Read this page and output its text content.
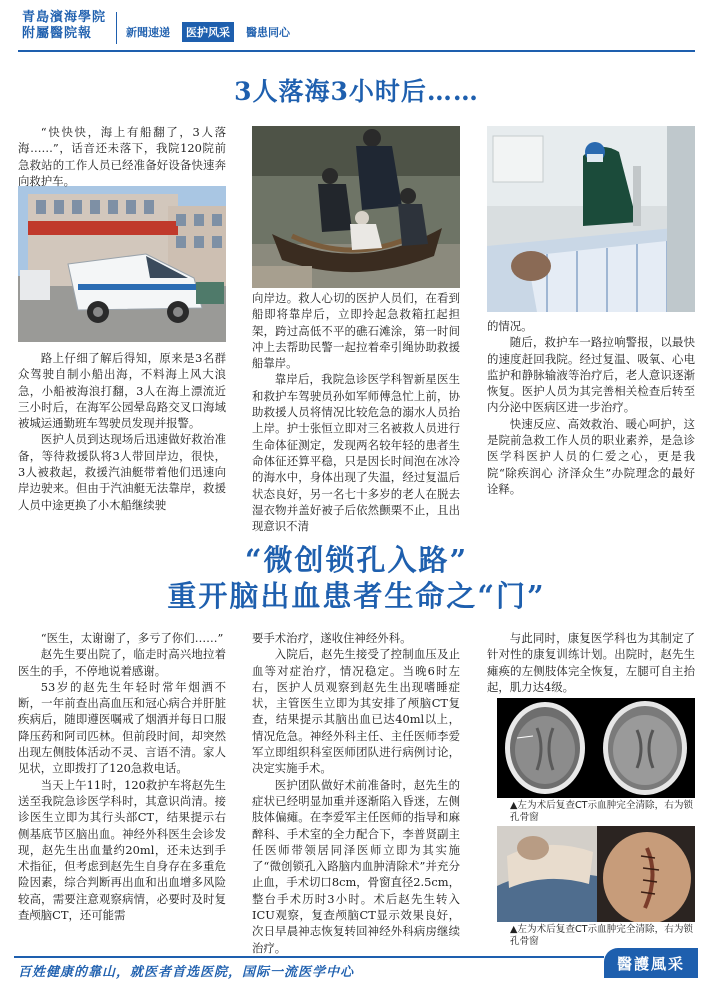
青島濱海學院
附屬醫院報	新聞速递	医护风采	醫患同心
3人落海3小时后……

“快快快，海上有船翻了，3人落海……”，话音还未落下，我院120院前急救站的工作人员已经准备好设备快速奔向救护车。

路上仔细了解后得知，原来是3名群众驾驶自制小船出海，不料海上风大浪急，小船被海浪打翻，3人在海上漂流近三小时后，在海军公园晕岛路交叉口海域被城运通勤班车驾驶员发现并报警。

医护人员到达现场后迅速做好救治准备，等待救援队将3人带回岸边，很快，3人被救起，救援汽油艇带着他们迅速向岸边驶来。但由于汽油艇无法靠岸，救援人员中途更换了小木船继续驶

向岸边。救人心切的医护人员们，在看到船即将靠岸后，立即拎起急救箱扛起担架，跨过高低不平的礁石滩涂，第一时间冲上去帮助民警一起拉着牵引绳协助救援船靠岸。

靠岸后，我院急诊医学科智新星医生和救护车驾驶员孙如军师傅急忙上前，协助救援人员将情况比较危急的溺水人员抬上岸。护士张恒立即对三名被救人员进行生命体征测定，发现两名较年轻的患者生命体征还算平稳，只是因长时间泡在冰冷的海水中，身体出现了失温，经过复温后状态良好，另一名七十多岁的老人在脱去湿衣物并盖好被子后依然颤栗不止，且出现意识不清

的情况。

随后，救护车一路拉响警报，以最快的速度赶回我院。经过复温、吸氧、心电监护和静脉输液等治疗后，老人意识逐渐恢复。医护人员为其完善相关检查后转至内分泌中医病区进一步治疗。

快速反应、高效救治、暖心呵护，这是院前急救工作人员的职业素养，是急诊医学科医护人员的仁爱之心，更是我院“除疾润心 济泽众生”办院理念的最好诠释。

“微创锁孔入路”
重开脑出血患者生命之“门”

“医生，太谢谢了，多亏了你们……”

赵先生要出院了，临走时高兴地拉着医生的手，不停地说着感谢。

53岁的赵先生年轻时常年烟酒不断，一年前查出高血压和冠心病合并肝脏疾病后，随即遵医嘱戒了烟酒并每日口服降压药和阿司匹林。但前段时间，却突然出现左侧肢体活动不灵、言语不清。家人见状，立即拨打了120急救电话。

当天上午11时，120救护车将赵先生送至我院急诊医学科时，其意识尚清。接诊医生立即为其行头部CT，结果提示右侧基底节区脑出血。神经外科医生会诊发现，赵先生出血量约20ml，还未达到手术指征，但考虑到赵先生自身存在多重危险因素，综合判断再出血和出血增多风险较高，需要注意观察病情，必要时及时复查颅脑CT，还可能需

要手术治疗，遂收住神经外科。

入院后，赵先生接受了控制血压及止血等对症治疗，情况稳定。当晚6时左右，医护人员观察到赵先生出现嗜睡症状，主管医生立即为其安排了颅脑CT复查，结果提示其脑出血已达40ml以上，情况危急。神经外科主任、主任医师李爱军立即组织科室医师团队进行病例讨论，决定实施手术。

医护团队做好术前准备时，赵先生的症状已经明显加重并逐渐陷入昏迷，左侧肢体偏瘫。在李爱军主任医师的指导和麻醉科、手术室的全力配合下，李普贤副主任医师带领居同泽医师立即为其实施了“微创锁孔入路脑内血肿清除术”并充分止血，手术切口8cm，骨窗直径2.5cm，整台手术历时3小时。术后赵先生转入ICU观察，复查颅脑CT显示效果良好，次日早晨神志恢复转回神经外科病房继续治疗。

与此同时，康复医学科也为其制定了针对性的康复训练计划。出院时，赵先生瘫痪的左侧肢体完全恢复，左腿可自主抬起，肌力达4级。

▲左为术后复查CT示血肿完全清除，右为锁孔骨窗
▲左为术后复查CT示血肿完全清除，右为锁孔骨窗
百姓健康的靠山，就医者首选医院，国际一流医学中心	醫護風采
